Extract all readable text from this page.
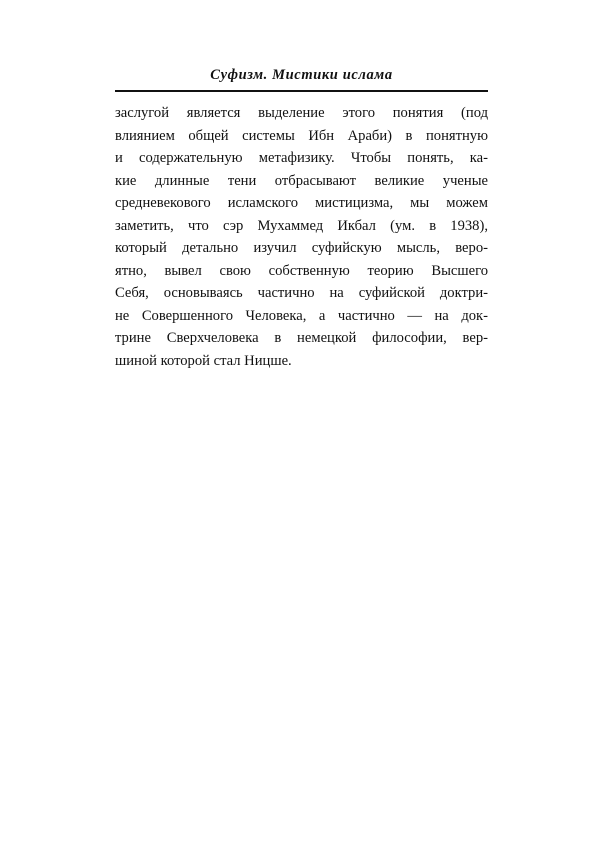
Суфизм. Мистики ислама
заслугой является выделение этого понятия (под
влиянием общей системы Ибн Араби) в понятную
и содержательную метафизику. Чтобы понять, ка-
кие длинные тени отбрасывают великие ученые
средневекового исламского мистицизма, мы можем
заметить, что сэр Мухаммед Икбал (ум. в 1938),
который детально изучил суфийскую мысль, веро-
ятно, вывел свою собственную теорию Высшего
Себя, основываясь частично на суфийской доктри-
не Совершенного Человека, а частично — на док-
трине Сверхчеловека в немецкой философии, вер-
шиной которой стал Ницше.
